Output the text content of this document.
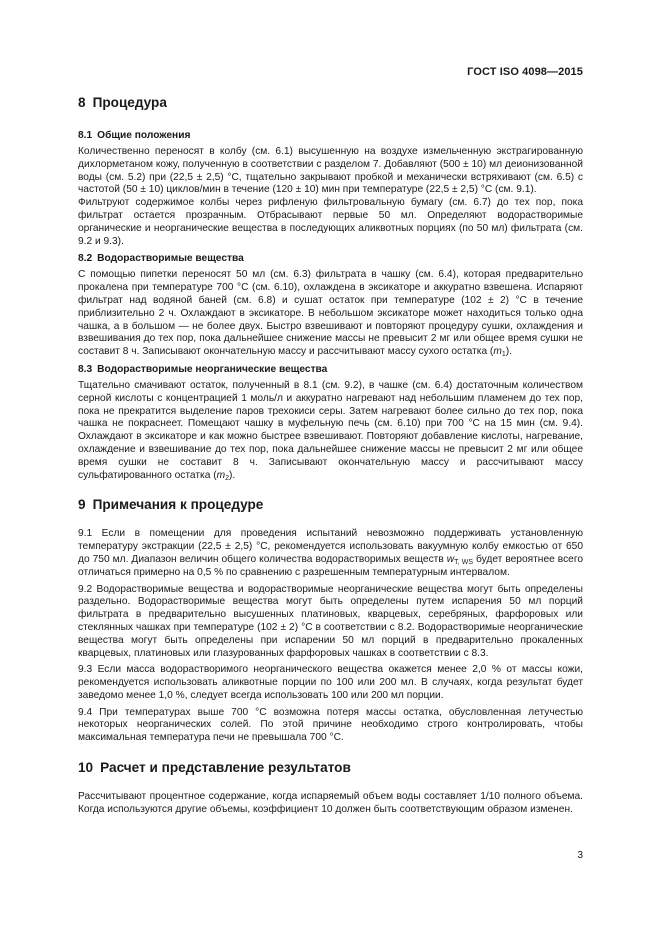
ГОСТ ISO 4098—2015
8 Процедура
8.1 Общие положения

Количественно переносят в колбу (см. 6.1) высушенную на воздухе измельченную экстрагированную дихлорметаном кожу, полученную в соответствии с разделом 7. Добавляют (500 ± 10) мл деионизованной воды (см. 5.2) при (22,5 ± 2,5) °С, тщательно закрывают пробкой и механически встряхивают (см. 6.5) с частотой (50 ± 10) циклов/мин в течение (120 ± 10) мин при температуре (22,5 ± 2,5) °С (см. 9.1).

Фильтруют содержимое колбы через рифленую фильтровальную бумагу (см. 6.7) до тех пор, пока фильтрат остается прозрачным. Отбрасывают первые 50 мл. Определяют водорастворимые органические и неорганические вещества в последующих аликвотных порциях (по 50 мл) фильтрата (см. 9.2 и 9.3).

8.2 Водорастворимые вещества

С помощью пипетки переносят 50 мл (см. 6.3) фильтрата в чашку (см. 6.4), которая предварительно прокалена при температуре 700 °С (см. 6.10), охлаждена в эксикаторе и аккуратно взвешена. Испаряют фильтрат над водяной баней (см. 6.8) и сушат остаток при температуре (102 ± 2) °С в течение приблизительно 2 ч. Охлаждают в эксикаторе. В небольшом эксикаторе может находиться только одна чашка, а в большом — не более двух. Быстро взвешивают и повторяют процедуру сушки, охлаждения и взвешивания до тех пор, пока дальнейшее снижение массы не превысит 2 мг или общее время сушки не составит 8 ч. Записывают окончательную массу и рассчитывают массу сухого остатка $(m_1)$.

8.3 Водорастворимые неорганические вещества

Тщательно смачивают остаток, полученный в 8.1 (см. 9.2), в чашке (см. 6.4) достаточным количеством серной кислоты с концентрацией 1 моль/л и аккуратно нагревают над небольшим пламенем до тех пор, пока не прекратится выделение паров трехокиси серы. Затем нагревают более сильно до тех пор, пока чашка не покраснеет. Помещают чашку в муфельную печь (см. 6.10) при 700 °С на 15 мин (см. 9.4). Охлаждают в эксикаторе и как можно быстрее взвешивают. Повторяют добавление кислоты, нагревание, охлаждение и взвешивание до тех пор, пока дальнейшее снижение массы не превысит 2 мг или общее время сушки не составит 8 ч. Записывают окончательную массу и рассчитывают массу сульфатированного остатка $(m_2)$.

9 Примечания к процедуре

9.1 Если в помещении для проведения испытаний невозможно поддерживать установленную температуру экстракции (22,5 ± 2,5) °С, рекомендуется использовать вакуумную колбу емкостью от 650 до 750 мл. Диапазон величин общего количества водорастворимых веществ $w_{T, WS}$ будет вероятнее всего отличаться примерно на 0,5 % по сравнению с разрешенным температурным интервалом.

9.2 Водорастворимые вещества и водорастворимые неорганические вещества могут быть определены раздельно. Водорастворимые вещества могут быть определены путем испарения 50 мл порций фильтрата в предварительно высушенных платиновых, кварцевых, серебряных, фарфоровых или стеклянных чашках при температуре (102 ± 2) °С в соответствии с 8.2. Водорастворимые неорганические вещества могут быть определены при испарении 50 мл порций в предварительно прокаленных кварцевых, платиновых или глазурованных фарфоровых чашках в соответствии с 8.3.

9.3 Если масса водорастворимого неорганического вещества окажется менее 2,0 % от массы кожи, рекомендуется использовать аликвотные порции по 100 или 200 мл. В случаях, когда результат будет заведомо менее 1,0 %, следует всегда использовать 100 или 200 мл порции.

9.4 При температурах выше 700 °С возможна потеря массы остатка, обусловленная летучестью некоторых неорганических солей. По этой причине необходимо строго контролировать, чтобы максимальная температура печи не превышала 700 °С.

10 Расчет и представление результатов

Рассчитывают процентное содержание, когда испаряемый объем воды составляет 1/10 полного объема. Когда используются другие объемы, коэффициент 10 должен быть соответствующим образом изменен.

3
